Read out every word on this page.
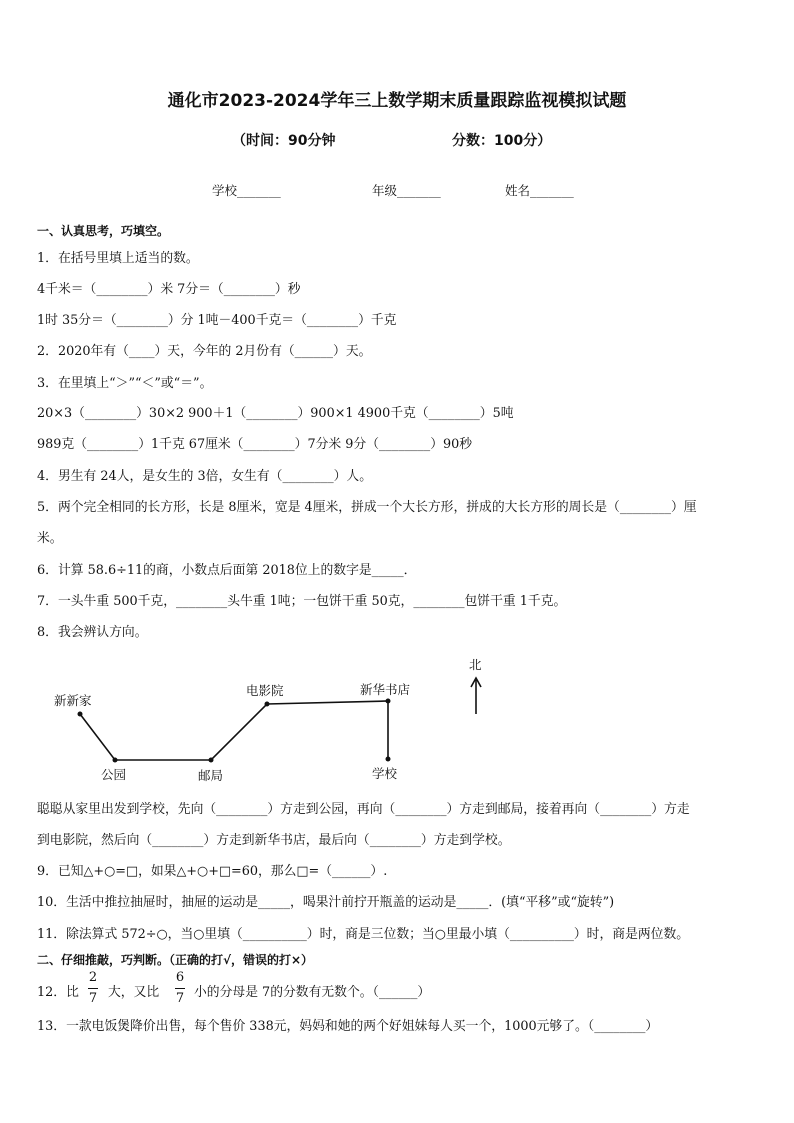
通化市2023-2024学年三上数学期末质量跟踪监视模拟试题
（时间：90分钟	分数：100分）
学校_______	年级_______	姓名_______
一、认真思考，巧填空。
1．在括号里填上适当的数。
4千米＝（________）米 7分＝（________）秒
1时 35分＝（________）分 1吨－400千克＝（________）千克
2．2020年有（____）天，今年的 2月份有（______）天。
3．在里填上“＞”“＜”或“＝”。
20×3（________）30×2 900＋1（________）900×1 4900千克（________）5吨
989克（________）1千克 67厘米（________）7分米 9分（________）90秒
4．男生有 24人，是女生的 3倍，女生有（________）人。
5．两个完全相同的长方形，长是 8厘米，宽是 4厘米，拼成一个大长方形，拼成的大长方形的周长是（________）厘
米。
6．计算 58.6÷11的商，小数点后面第 2018位上的数字是_____．
7．一头牛重 500千克，________头牛重 1吨；一包饼干重 50克，________包饼干重 1千克。
8．我会辨认方向。
新新家
公园	邮局
电影院	新华书店
学校
北
聪聪从家里出发到学校，先向（________）方走到公园，再向（________）方走到邮局，接着再向（________）方走
到电影院，然后向（________）方走到新华书店，最后向（________）方走到学校。
9．已知△+○=□，如果△+○+□=60，那么□=（______）.
10．生活中推拉抽屉时，抽屉的运动是_____，喝果汁前拧开瓶盖的运动是_____．(填“平移”或“旋转”)
11．除法算式 572÷○，当○里填（__________）时，商是三位数；当○里最小填（__________）时，商是两位数。
二、仔细推敲，巧判断。（正确的打√，错误的打×）
12．比
2
7 大，又比
6
7 小的分母是 7的分数有无数个。（______）
13．一款电饭煲降价出售，每个售价 338元，妈妈和她的两个好姐妹每人买一个，1000元够了。（________）
